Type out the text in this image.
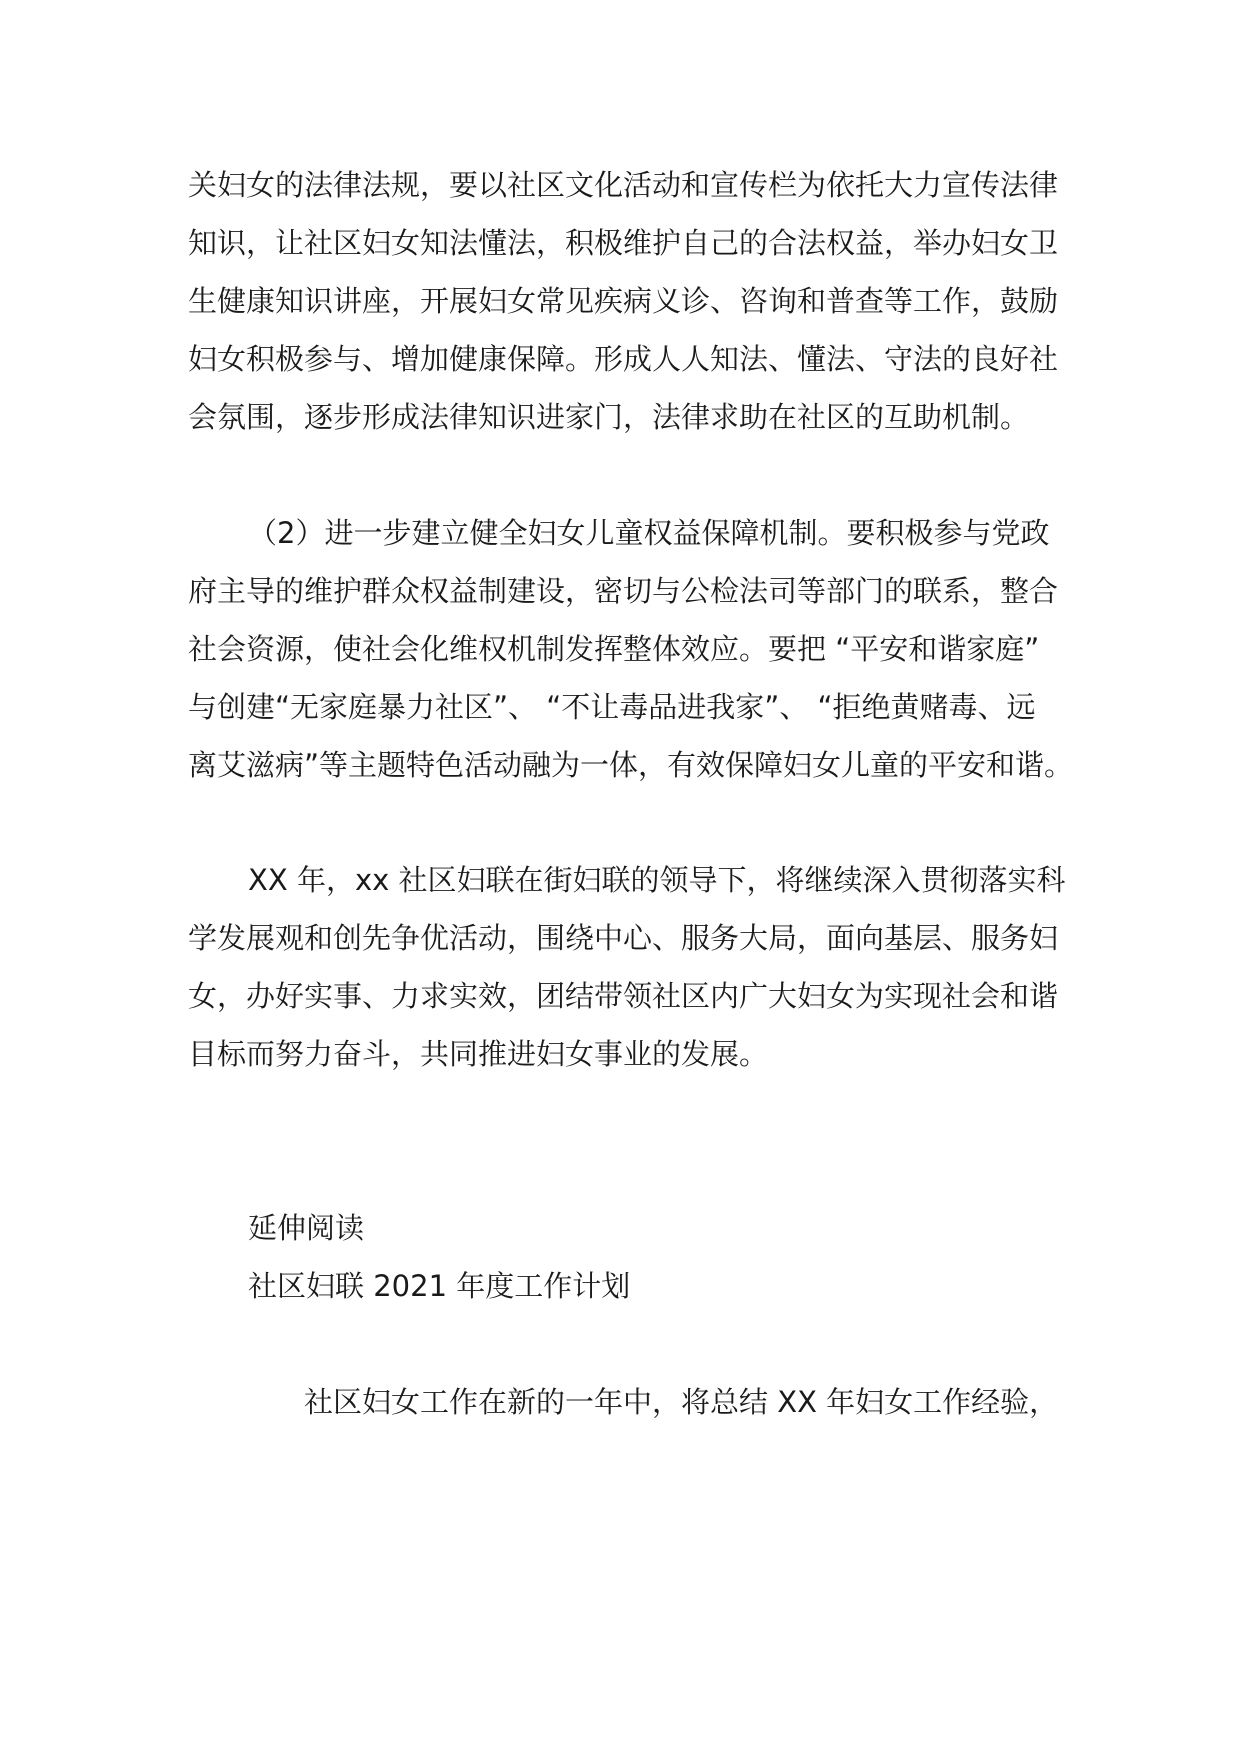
关妇女的法律法规，要以社区文化活动和宣传栏为依托大力宣传法律
知识，让社区妇女知法懂法，积极维护自己的合法权益，举办妇女卫
生健康知识讲座，开展妇女常见疾病义诊、咨询和普查等工作，鼓励
妇女积极参与、增加健康保障。形成人人知法、懂法、守法的良好社
会氛围，逐步形成法律知识进家门，法律求助在社区的互助机制。
（2）进一步建立健全妇女儿童权益保障机制。要积极参与党政
府主导的维护群众权益制建设，密切与公检法司等部门的联系，整合
社会资源，使社会化维权机制发挥整体效应。要把 “平安和谐家庭”
与创建“无家庭暴力社区”、 “不让毒品进我家”、 “拒绝黄赌毒、远
离艾滋病”等主题特色活动融为一体，有效保障妇女儿童的平安和谐。
XX 年，xx 社区妇联在街妇联的领导下，将继续深入贯彻落实科
学发展观和创先争优活动，围绕中心、服务大局，面向基层、服务妇
女，办好实事、力求实效，团结带领社区内广大妇女为实现社会和谐
目标而努力奋斗，共同推进妇女事业的发展。
延伸阅读
社区妇联 2021 年度工作计划
社区妇女工作在新的一年中，将总结 XX 年妇女工作经验，
